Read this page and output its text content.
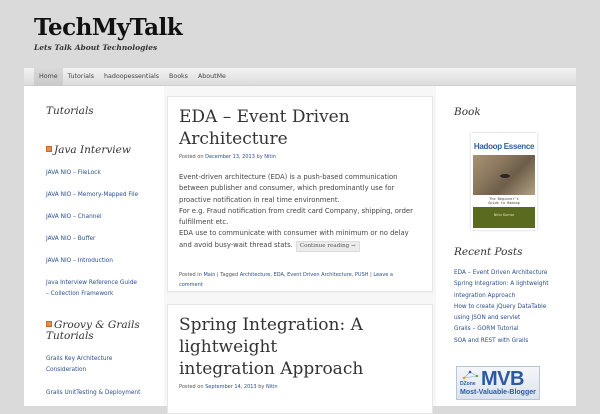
TechMyTalk
Lets Talk About Technologies
Home	Tutorials	hadoopessentials	Books	AboutMe
Tutorials
Java Interview
JAVA NIO – FileLock
JAVA NIO – Memory-Mapped File
JAVA NIO – Channel
JAVA NIO – Buffer
JAVA NIO – Introduction
Java Interview Reference Guide
– Collection Framework
Groovy & Grails
Tutorials
Grails Key Architecture
Consideration
Grails UnitTesting & Deployment
EDA – Event Driven Architecture
Posted on December 13, 2013 by Nitin
Event-driven architecture (EDA) is a push-based communication
between publisher and consumer, which predominantly use for
proactive notification in real time environment.
For e.g. Fraud notification from credit card Company, shipping, order
fulfillment etc.
EDA use to communicate with consumer with minimum or no delay
and avoid busy-wait thread stats. Continue reading →
Posted in Main | Tagged Architecture, EDA, Event Driven Architecture, PUSH | Leave a
comment
Spring Integration: A
lightweight
integration Approach
Posted on September 14, 2013 by Nitin
Book
Recent Posts
EDA – Event Driven Architecture
Spring Integration: A lightweight
integration Approach
How to create jQuery DataTable
using JSON and servlet
Grails – GORM Tutorial
SOA and REST with Grails
Hadoop Essence
The Beginner's
Guide to Hadoop
Nitin Kumar
DZone MVB
Most-Valuable-Blogger
